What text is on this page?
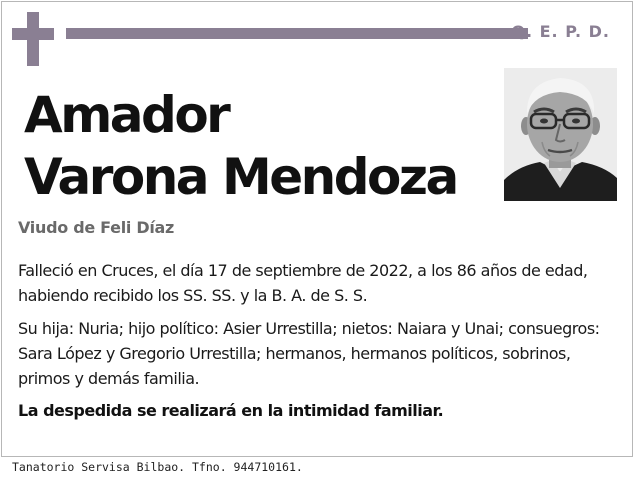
Q. E. P. D.
Amador
Varona Mendoza
Viudo de Feli Díaz
Falleció en Cruces, el día 17 de septiembre de 2022, a los 86 años de edad, habiendo recibido los SS. SS. y la B. A. de S. S.
Su hija: Nuria; hijo político: Asier Urrestilla; nietos: Naiara y Unai; consuegros: Sara López y Gregorio Urrestilla; hermanos, hermanos políticos, sobrinos, primos y demás familia.
La despedida se realizará en la intimidad familiar.
Tanatorio Servisa Bilbao. Tfno. 944710161.
